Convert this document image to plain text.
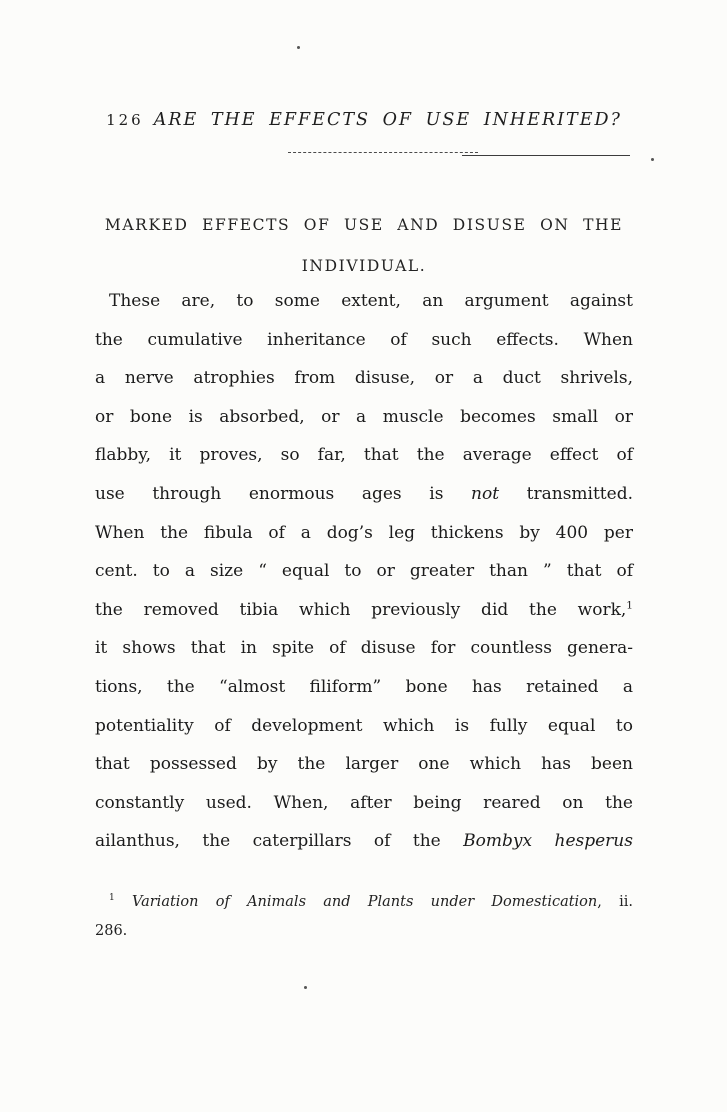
126 ARE THE EFFECTS OF USE INHERITED?
MARKED EFFECTS OF USE AND DISUSE ON THE
INDIVIDUAL.
These are, to some extent, an argument against
the cumulative inheritance of such effects. When
a nerve atrophies from disuse, or a duct shrivels,
or bone is absorbed, or a muscle becomes small or
flabby, it proves, so far, that the average effect of
use through enormous ages is not transmitted.
When the fibula of a dog’s leg thickens by 400 per
cent. to a size “ equal to or greater than ” that of
the removed tibia which previously did the work,$^1$
it shows that in spite of disuse for countless genera-
tions, the “almost filiform” bone has retained a
potentiality of development which is fully equal to
that possessed by the larger one which has been
constantly used. When, after being reared on the
ailanthus, the caterpillars of the Bombyx hesperus
$^1$ Variation of Animals and Plants under Domestication, ii.
286.
